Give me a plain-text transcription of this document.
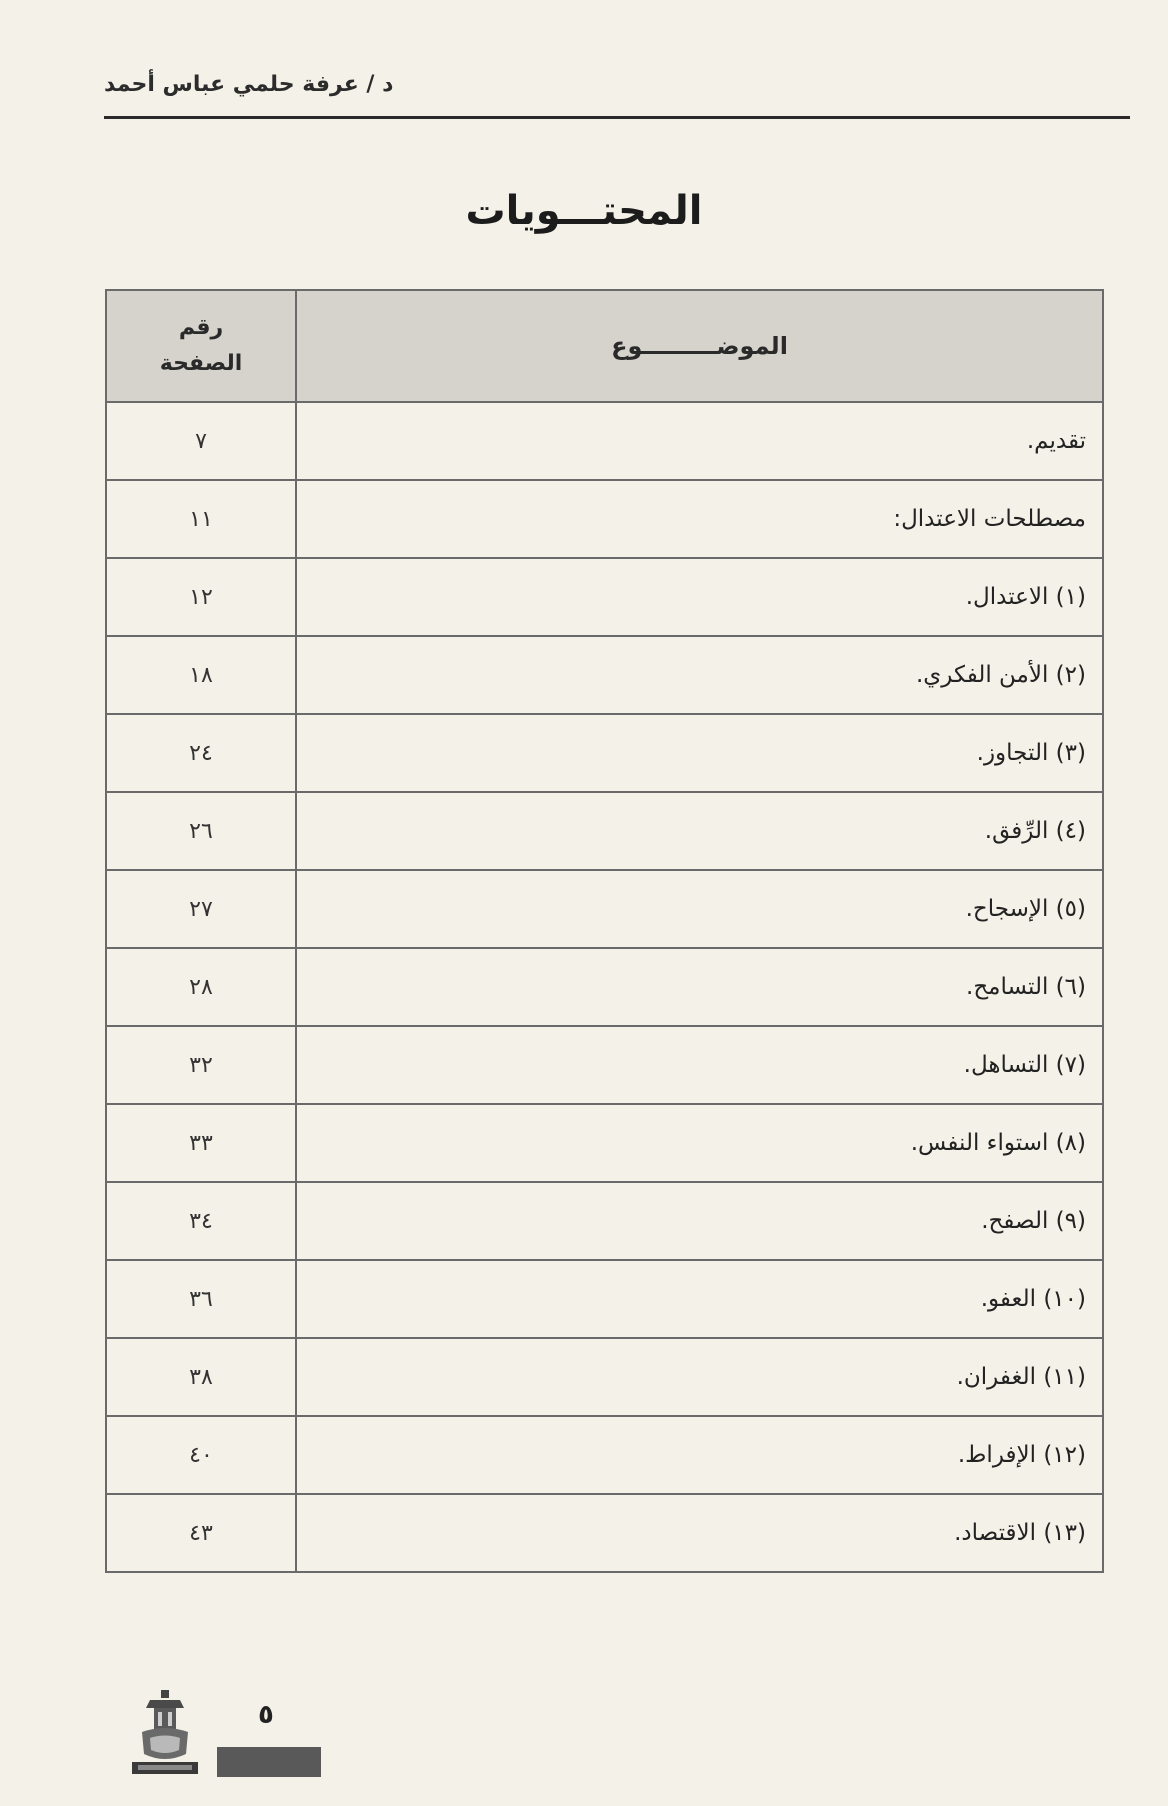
د / عرفة حلمي عباس أحمد
المحتـــويات
الموضـــــــــوع	رقم
الصفحة

تقديم.	٧
مصطلحات الاعتدال:	١١
(١) الاعتدال.	١٢
(٢) الأمن الفكري.	١٨
(٣) التجاوز.	٢٤
(٤) الرِّفق.	٢٦
(٥) الإسجاح.	٢٧
(٦) التسامح.	٢٨
(٧) التساهل.	٣٢
(٨) استواء النفس.	٣٣
(٩) الصفح.	٣٤
(١٠) العفو.	٣٦
(١١) الغفران.	٣٨
(١٢) الإفراط.	٤٠
(١٣) الاقتصاد.	٤٣
٥
